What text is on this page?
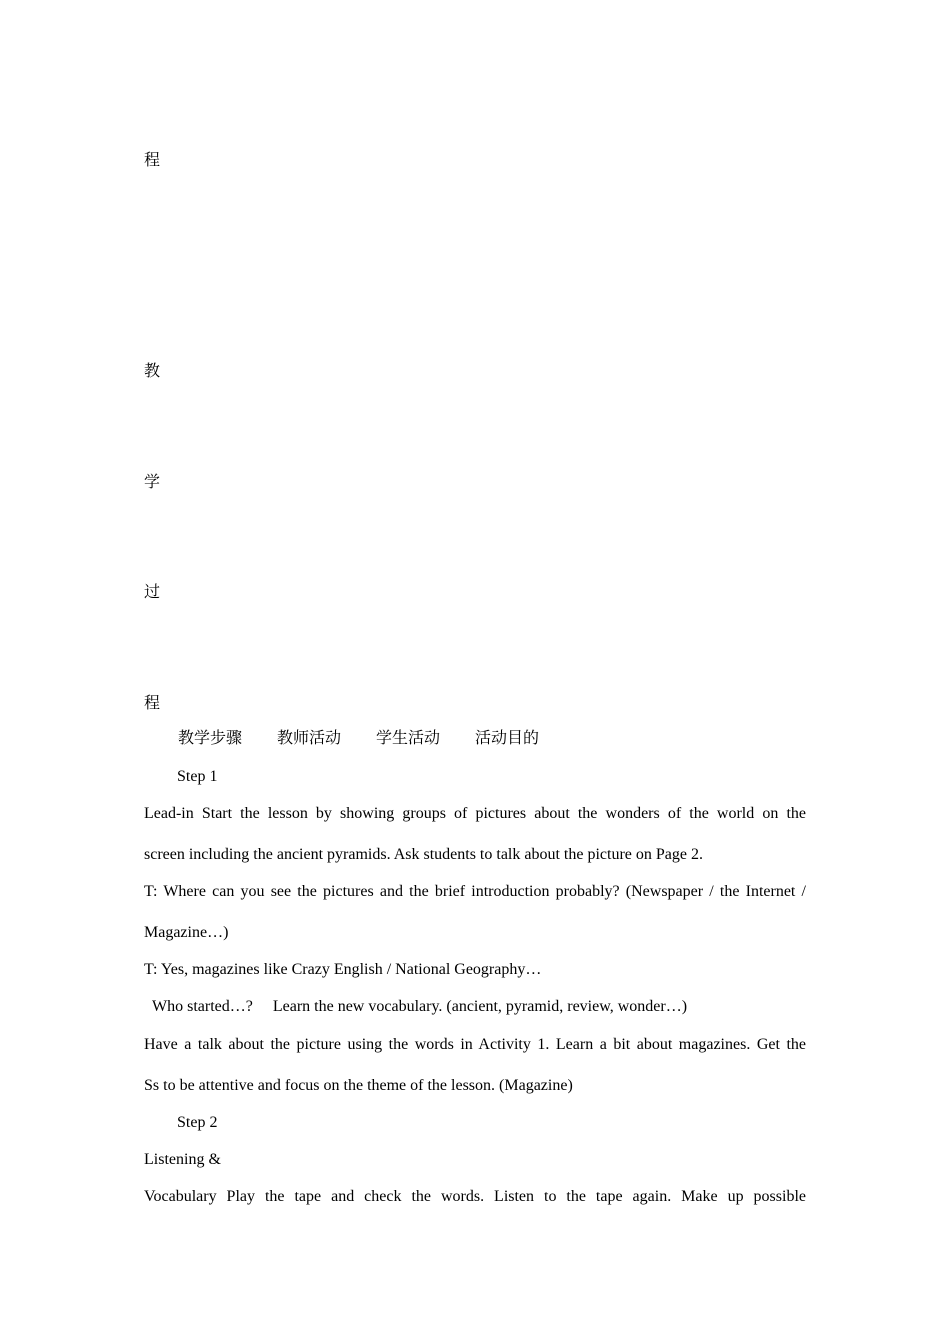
程
教
学
过
程
教学步骤 教师活动 学生活动 活动目的
Step 1
Lead-in Start the lesson by showing groups of pictures about the wonders of the world on the
screen including the ancient pyramids. Ask students to talk about the picture on Page 2.
T: Where can you see the pictures and the brief introduction probably? (Newspaper / the Internet /
Magazine…)
T: Yes, magazines like Crazy English / National Geography…
Who started…?     Learn the new vocabulary. (ancient, pyramid, review, wonder…)
Have a talk about the picture using the words in Activity 1. Learn a bit about magazines. Get the
Ss to be attentive and focus on the theme of the lesson. (Magazine)
Step 2
Listening &
Vocabulary Play the tape and check the words. Listen to the tape again. Make up possible
